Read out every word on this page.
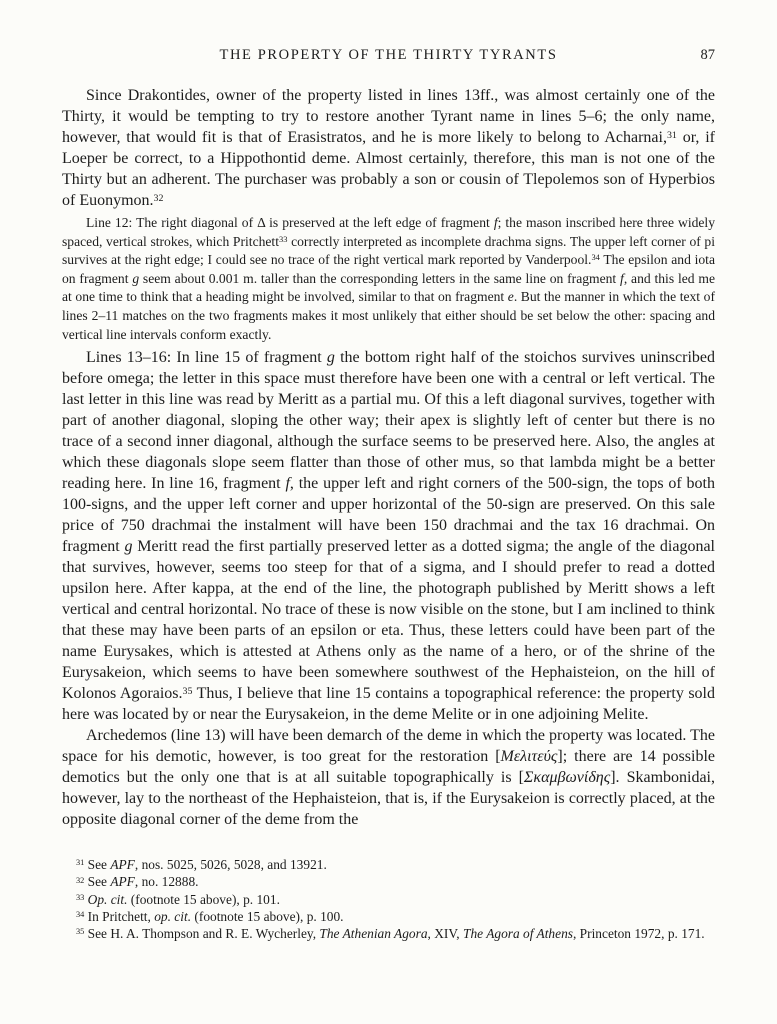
THE PROPERTY OF THE THIRTY TYRANTS	87

Since Drakontides, owner of the property listed in lines 13ff., was almost certainly one of the Thirty, it would be tempting to try to restore another Tyrant name in lines 5–6; the only name, however, that would fit is that of Erasistratos, and he is more likely to belong to Acharnai,$^{31}$ or, if Loeper be correct, to a Hippothontid deme. Almost certainly, therefore, this man is not one of the Thirty but an adherent. The purchaser was probably a son or cousin of Tlepolemos son of Hyperbios of Euonymon.$^{32}$

Line 12: The right diagonal of Δ is preserved at the left edge of fragment f; the mason inscribed here three widely spaced, vertical strokes, which Pritchett$^{33}$ correctly interpreted as incomplete drachma signs. The upper left corner of pi survives at the right edge; I could see no trace of the right vertical mark reported by Vanderpool.$^{34}$ The epsilon and iota on fragment g seem about 0.001 m. taller than the corresponding letters in the same line on fragment f, and this led me at one time to think that a heading might be involved, similar to that on fragment e. But the manner in which the text of lines 2–11 matches on the two fragments makes it most unlikely that either should be set below the other: spacing and vertical line intervals conform exactly.

Lines 13–16: In line 15 of fragment g the bottom right half of the stoichos survives uninscribed before omega; the letter in this space must therefore have been one with a central or left vertical. The last letter in this line was read by Meritt as a partial mu. Of this a left diagonal survives, together with part of another diagonal, sloping the other way; their apex is slightly left of center but there is no trace of a second inner diagonal, although the surface seems to be preserved here. Also, the angles at which these diagonals slope seem flatter than those of other mus, so that lambda might be a better reading here. In line 16, fragment f, the upper left and right corners of the 500-sign, the tops of both 100-signs, and the upper left corner and upper horizontal of the 50-sign are preserved. On this sale price of 750 drachmai the instalment will have been 150 drachmai and the tax 16 drachmai. On fragment g Meritt read the first partially preserved letter as a dotted sigma; the angle of the diagonal that survives, however, seems too steep for that of a sigma, and I should prefer to read a dotted upsilon here. After kappa, at the end of the line, the photograph published by Meritt shows a left vertical and central horizontal. No trace of these is now visible on the stone, but I am inclined to think that these may have been parts of an epsilon or eta. Thus, these letters could have been part of the name Eurysakes, which is attested at Athens only as the name of a hero, or of the shrine of the Eurysakeion, which seems to have been somewhere southwest of the Hephaisteion, on the hill of Kolonos Agoraios.$^{35}$ Thus, I believe that line 15 contains a topographical reference: the property sold here was located by or near the Eurysakeion, in the deme Melite or in one adjoining Melite.

Archedemos (line 13) will have been demarch of the deme in which the property was located. The space for his demotic, however, is too great for the restoration [Μελιτεύς]; there are 14 possible demotics but the only one that is at all suitable topographically is [Σκαμβωνίδης]. Skambonidai, however, lay to the northeast of the Hephaisteion, that is, if the Eurysakeion is correctly placed, at the opposite diagonal corner of the deme from the

$^{31}$ See APF, nos. 5025, 5026, 5028, and 13921.

$^{32}$ See APF, no. 12888.

$^{33}$ Op. cit. (footnote 15 above), p. 101.

$^{34}$ In Pritchett, op. cit. (footnote 15 above), p. 100.

$^{35}$ See H. A. Thompson and R. E. Wycherley, The Athenian Agora, XIV, The Agora of Athens, Princeton 1972, p. 171.
